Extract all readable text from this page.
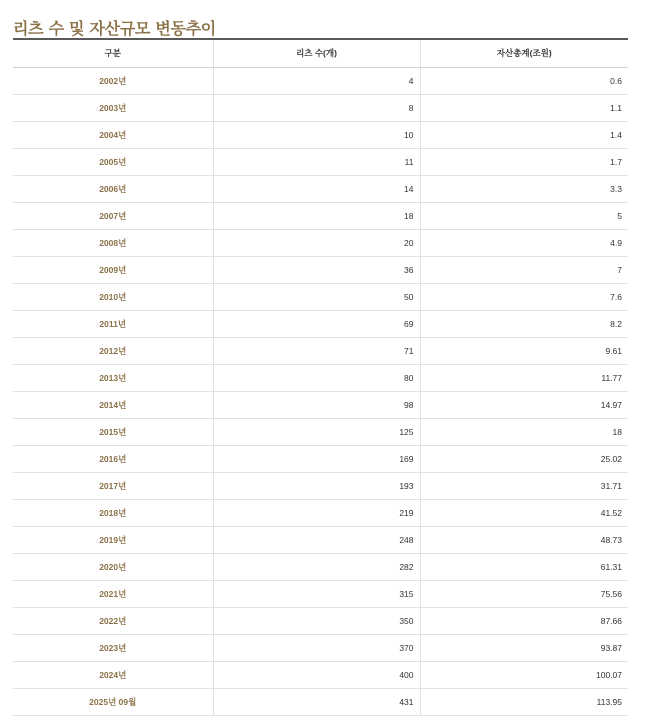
리츠 수 및 자산규모 변동추이
구분	리츠 수(개)	자산총계(조원)
2002년	4	0.6
2003년	8	1.1
2004년	10	1.4
2005년	11	1.7
2006년	14	3.3
2007년	18	5
2008년	20	4.9
2009년	36	7
2010년	50	7.6
2011년	69	8.2
2012년	71	9.61
2013년	80	11.77
2014년	98	14.97
2015년	125	18
2016년	169	25.02
2017년	193	31.71
2018년	219	41.52
2019년	248	48.73
2020년	282	61.31
2021년	315	75.56
2022년	350	87.66
2023년	370	93.87
2024년	400	100.07
2025년 09월	431	113.95
